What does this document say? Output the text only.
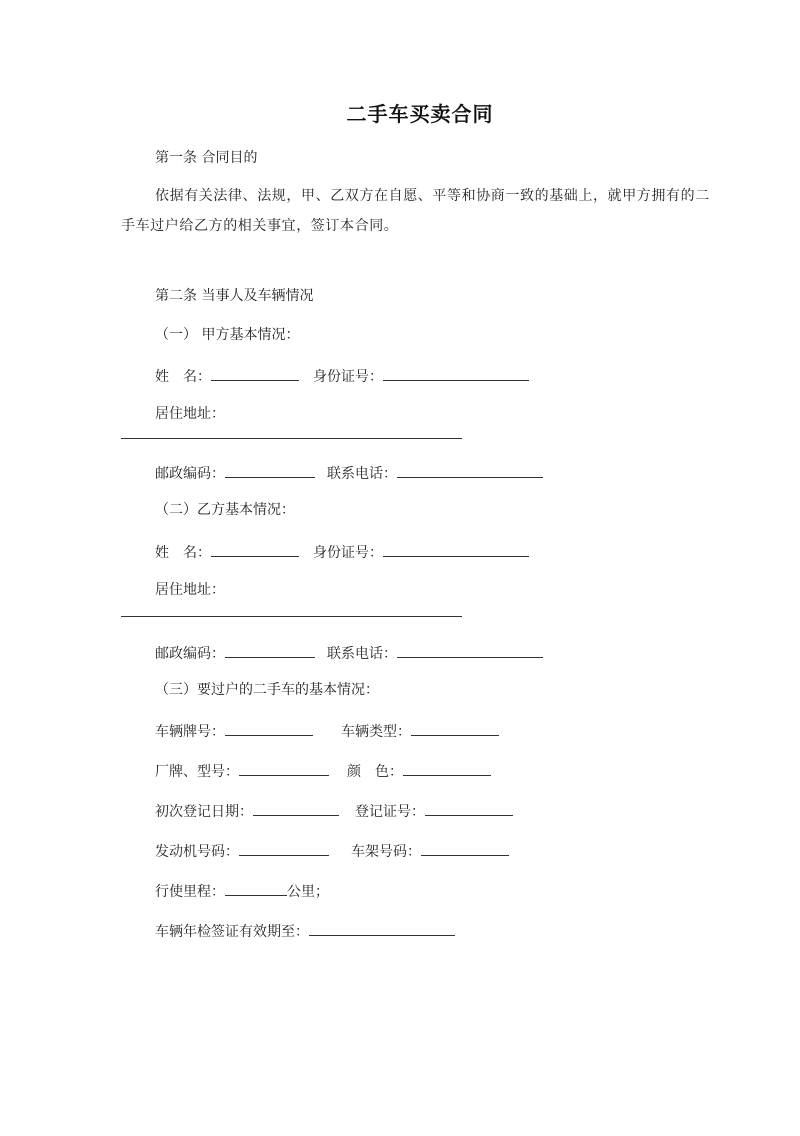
二手车买卖合同
第一条 合同目的
依据有关法律、法规，甲、乙双方在自愿、平等和协商一致的基础上，就甲方拥有的二手车过户给乙方的相关事宜，签订本合同。
第二条 当事人及车辆情况
（一） 甲方基本情况：
姓　名：	身份证号：
居住地址：
邮政编码：	联系电话：
（二）乙方基本情况：
姓　名：	身份证号：
居住地址：
邮政编码：	联系电话：
（三）要过户的二手车的基本情况：
车辆牌号：	车辆类型：
厂牌、型号：	颜　色：
初次登记日期：	登记证号：
发动机号码：	车架号码：
行使里程：	公里；
车辆年检签证有效期至：
